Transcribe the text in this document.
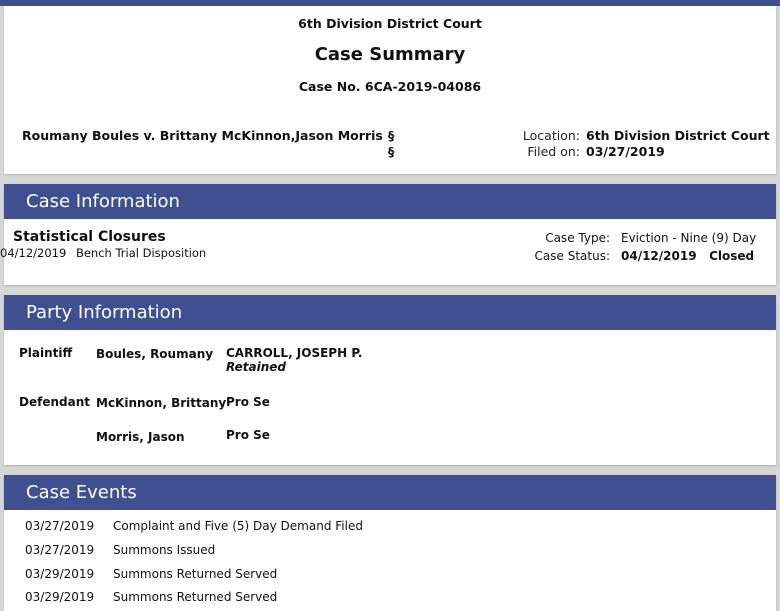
6th Division District Court
Case Summary
Case No. 6CA-2019-04086
Roumany Boules v. Brittany McKinnon,Jason Morris §
§
Location: 6th Division District Court
Filed on: 03/27/2019
Case Information
Statistical Closures
04/12/2019 Bench Trial Disposition
Case Type: Eviction - Nine (9) Day
Case Status: 04/12/2019 Closed
Party Information
Plaintiff Boules, Roumany CARROLL, JOSEPH P.
Retained
Defendant McKinnon, Brittany Pro Se
Morris, Jason	Pro Se
Case Events
03/27/2019 Complaint and Five (5) Day Demand Filed
03/27/2019 Summons Issued
03/29/2019 Summons Returned Served
03/29/2019 Summons Returned Served
